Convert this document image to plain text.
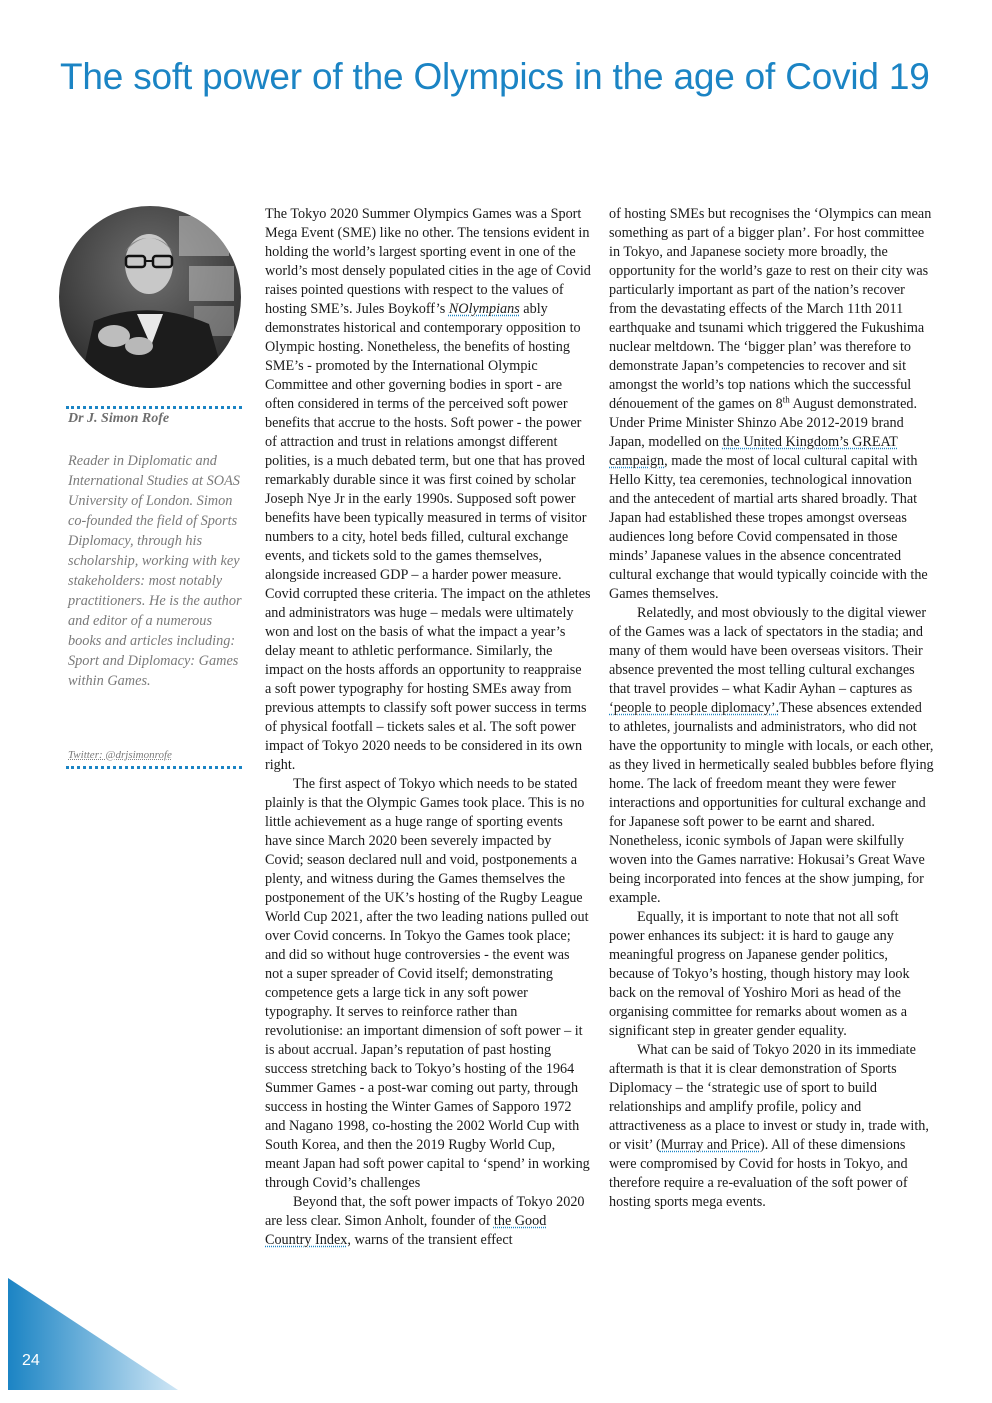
The soft power of the Olympics in the age of Covid 19
Dr J. Simon Rofe
Reader in Diplomatic and International Studies at SOAS University of London. Simon co-founded the field of Sports Diplomacy, through his scholarship, working with key stakeholders: most notably practitioners. He is the author and editor of a numerous books and articles including: Sport and Diplomacy: Games within Games.
Twitter: @drjsimonrofe

The Tokyo 2020 Summer Olympics Games was a Sport Mega Event (SME) like no other. The tensions evident in holding the world’s largest sporting event in one of the world’s most densely populated cities in the age of Covid raises pointed questions with respect to the values of hosting SME’s. Jules Boykoff’s NOlympians ably demonstrates historical and contemporary opposition to Olympic hosting. Nonetheless, the benefits of hosting SME’s - promoted by the International Olympic Committee and other governing bodies in sport - are often considered in terms of the perceived soft power benefits that accrue to the hosts. Soft power - the power of attraction and trust in relations amongst different polities, is a much debated term, but one that has proved remarkably durable since it was first coined by scholar Joseph Nye Jr in the early 1990s. Supposed soft power benefits have been typically measured in terms of visitor numbers to a city, hotel beds filled, cultural exchange events, and tickets sold to the games themselves, alongside increased GDP – a harder power measure. Covid corrupted these criteria. The impact on the athletes and administrators was huge – medals were ultimately won and lost on the basis of what the impact a year’s delay meant to athletic performance. Similarly, the impact on the hosts affords an opportunity to reappraise a soft power typography for hosting SMEs away from previous attempts to classify soft power success in terms of physical footfall – tickets sales et al. The soft power impact of Tokyo 2020 needs to be considered in its own right.

The first aspect of Tokyo which needs to be stated plainly is that the Olympic Games took place. This is no little achievement as a huge range of sporting events have since March 2020 been severely impacted by Covid; season declared null and void, postponements a plenty, and witness during the Games themselves the postponement of the UK’s hosting of the Rugby League World Cup 2021, after the two leading nations pulled out over Covid concerns. In Tokyo the Games took place; and did so without huge controversies - the event was not a super spreader of Covid itself; demonstrating competence gets a large tick in any soft power typography. It serves to reinforce rather than revolutionise: an important dimension of soft power – it is about accrual. Japan’s reputation of past hosting success stretching back to Tokyo’s hosting of the 1964 Summer Games - a post-war coming out party, through success in hosting the Winter Games of Sapporo 1972 and Nagano 1998, co-hosting the 2002 World Cup with South Korea, and then the 2019 Rugby World Cup, meant Japan had soft power capital to ‘spend’ in working through Covid’s challenges

Beyond that, the soft power impacts of Tokyo 2020 are less clear. Simon Anholt, founder of the Good Country Index, warns of the transient effect

of hosting SMEs but recognises the ‘Olympics can mean something as part of a bigger plan’. For host committee in Tokyo, and Japanese society more broadly, the opportunity for the world’s gaze to rest on their city was particularly important as part of the nation’s recover from the devastating effects of the March 11th 2011 earthquake and tsunami which triggered the Fukushima nuclear meltdown. The ‘bigger plan’ was therefore to demonstrate Japan’s competencies to recover and sit amongst the world’s top nations which the successful dénouement of the games on 8th August demonstrated. Under Prime Minister Shinzo Abe 2012-2019 brand Japan, modelled on the United Kingdom’s GREAT campaign, made the most of local cultural capital with Hello Kitty, tea ceremonies, technological innovation and the antecedent of martial arts shared broadly. That Japan had established these tropes amongst overseas audiences long before Covid compensated in those minds’ Japanese values in the absence concentrated cultural exchange that would typically coincide with the Games themselves.

Relatedly, and most obviously to the digital viewer of the Games was a lack of spectators in the stadia; and many of them would have been overseas visitors. Their absence prevented the most telling cultural exchanges that travel provides – what Kadir Ayhan – captures as ‘people to people diplomacy’.These absences extended to athletes, journalists and administrators, who did not have the opportunity to mingle with locals, or each other, as they lived in hermetically sealed bubbles before flying home. The lack of freedom meant they were fewer interactions and opportunities for cultural exchange and for Japanese soft power to be earnt and shared. Nonetheless, iconic symbols of Japan were skilfully woven into the Games narrative: Hokusai’s Great Wave being incorporated into fences at the show jumping, for example.

Equally, it is important to note that not all soft power enhances its subject: it is hard to gauge any meaningful progress on Japanese gender politics, because of Tokyo’s hosting, though history may look back on the removal of Yoshiro Mori as head of the organising committee for remarks about women as a significant step in greater gender equality.

What can be said of Tokyo 2020 in its immediate aftermath is that it is clear demonstration of Sports Diplomacy – the ‘strategic use of sport to build relationships and amplify profile, policy and attractiveness as a place to invest or study in, trade with, or visit’ (Murray and Price). All of these dimensions were compromised by Covid for hosts in Tokyo, and therefore require a re-evaluation of the soft power of hosting sports mega events.

24
